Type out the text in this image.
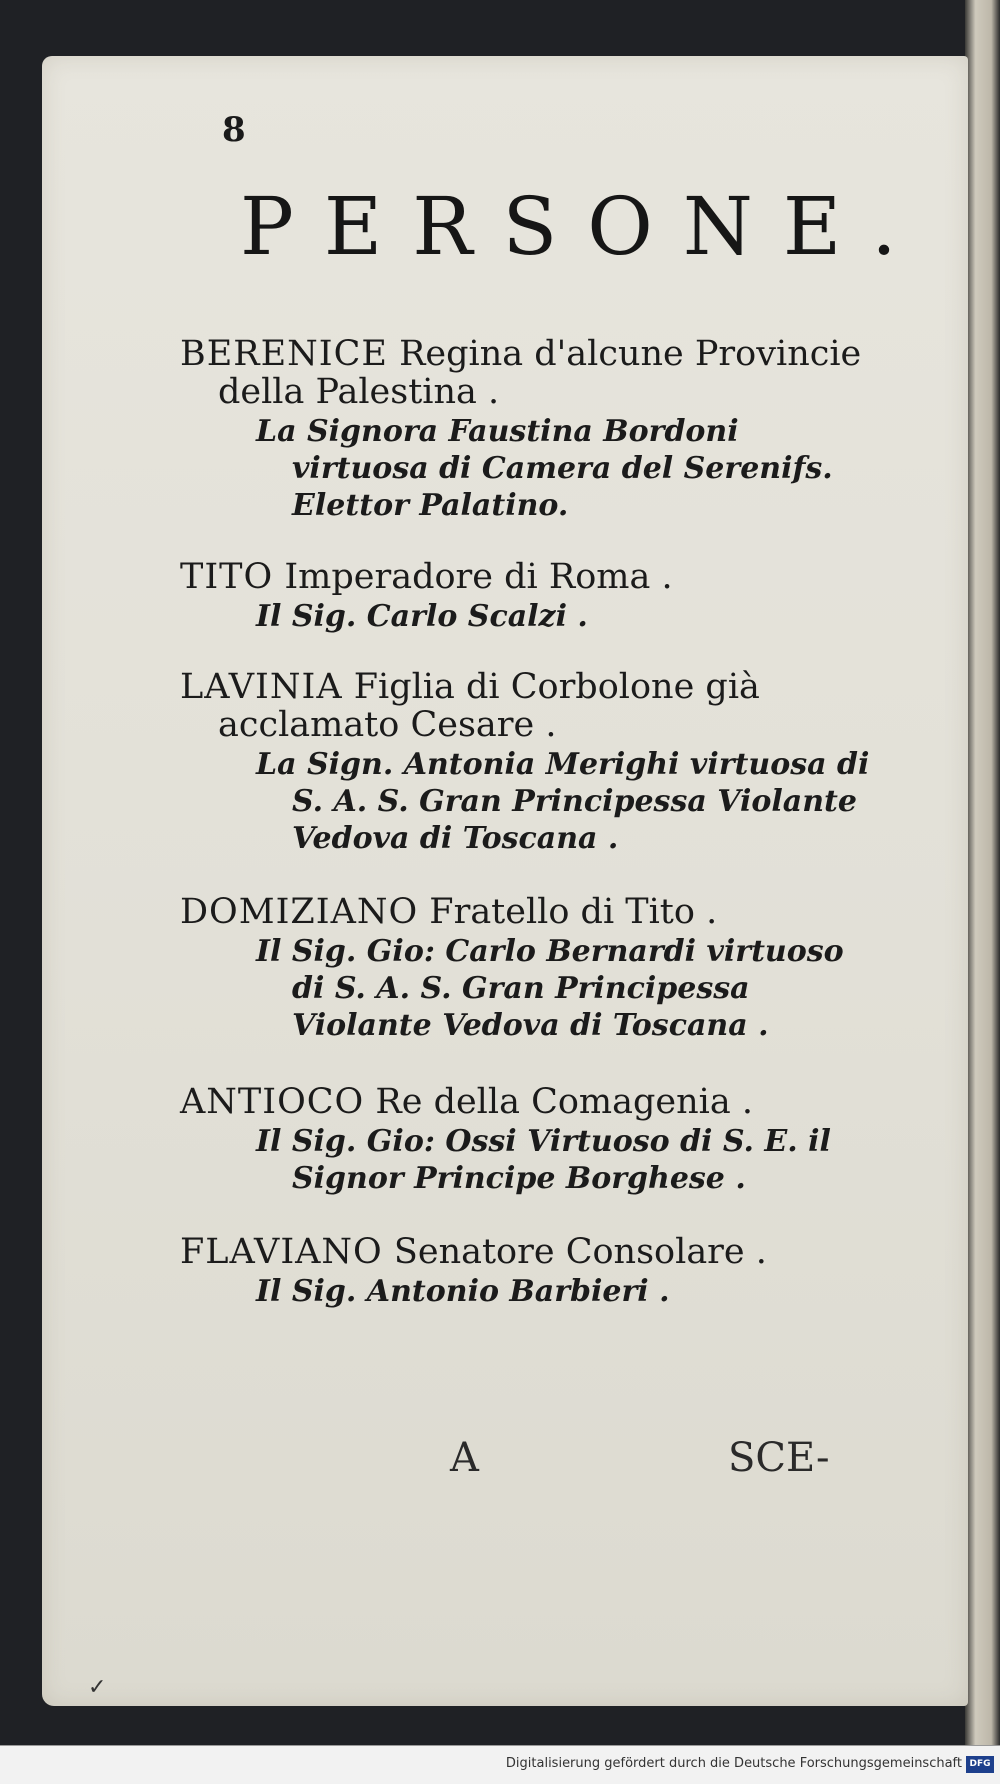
8
PERSONE.
BERENICE Regina d'alcune Provincie della Palestina .
La Signora Faustina Bordoni virtuosa di Camera del Serenifs. Elettor Palatino.
TITO Imperadore di Roma .
Il Sig. Carlo Scalzi .
LAVINIA Figlia di Corbolone già acclamato Cesare .
La Sign. Antonia Merighi virtuosa di S. A. S. Gran Principessa Violante Vedova di Toscana .
DOMIZIANO Fratello di Tito .
Il Sig. Gio: Carlo Bernardi virtuoso di S. A. S. Gran Principessa Violante Vedova di Toscana .
ANTIOCO Re della Comagenia .
Il Sig. Gio: Ossi Virtuoso di S. E. il Signor Principe Borghese .
FLAVIANO Senatore Consolare .
Il Sig. Antonio Barbieri .
A	SCE-
✓
Digitalisierung gefördert durch die Deutsche Forschungsgemeinschaft DFG
